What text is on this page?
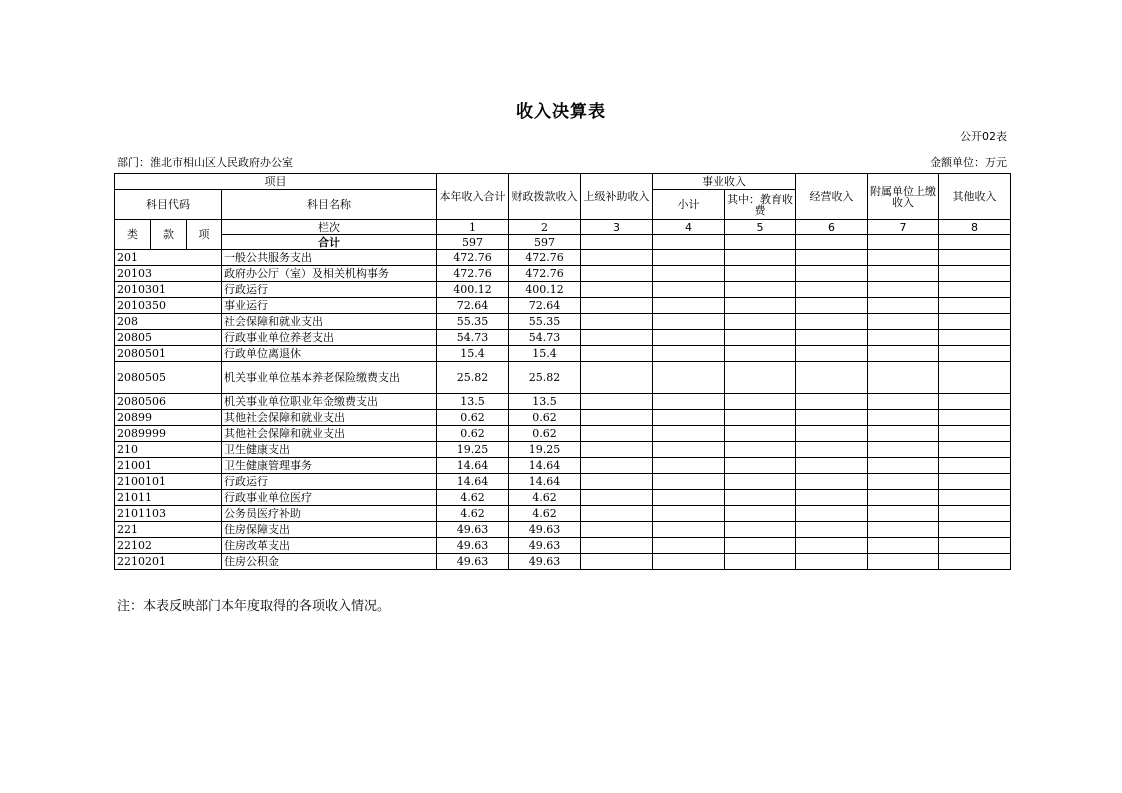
收入决算表
公开02表
部门：淮北市相山区人民政府办公室	金额单位：万元
项目				本年收入合计	财政拨款收入	上级补助收入	事业收入		经营收入	附属单位上缴收入	其他收入
科目代码			科目名称				小计	其中：教育收费			
类	款	项	栏次	1	2	3	4	5	6	7	8
			合计	597	597						
201			一般公共服务支出	472.76	472.76						
20103			政府办公厅（室）及相关机构事务	472.76	472.76						
2010301			行政运行	400.12	400.12						
2010350			事业运行	72.64	72.64						
208			社会保障和就业支出	55.35	55.35						
20805			行政事业单位养老支出	54.73	54.73						
2080501			行政单位离退休	15.4	15.4						
2080505			机关事业单位基本养老保险缴费支出	25.82	25.82						
2080506			机关事业单位职业年金缴费支出	13.5	13.5						
20899			其他社会保障和就业支出	0.62	0.62						
2089999			其他社会保障和就业支出	0.62	0.62						
210			卫生健康支出	19.25	19.25						
21001			卫生健康管理事务	14.64	14.64						
2100101			行政运行	14.64	14.64						
21011			行政事业单位医疗	4.62	4.62						
2101103			公务员医疗补助	4.62	4.62						
221			住房保障支出	49.63	49.63						
22102			住房改革支出	49.63	49.63						
2210201			住房公积金	49.63	49.63						
注：本表反映部门本年度取得的各项收入情况。
